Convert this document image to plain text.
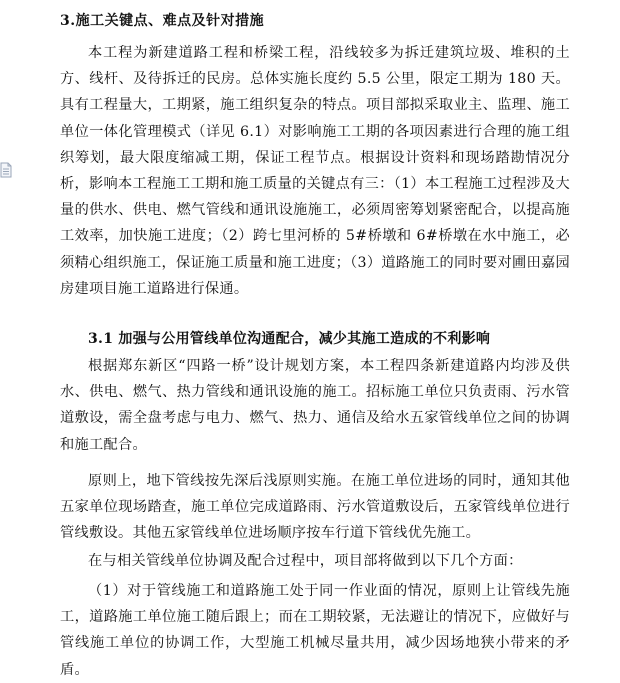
3.施工关键点、难点及针对措施

本工程为新建道路工程和桥梁工程，沿线较多为拆迁建筑垃圾、堆积的土方、线杆、及待拆迁的民房。总体实施长度约 5.5 公里，限定工期为 180 天。具有工程量大，工期紧，施工组织复杂的特点。项目部拟采取业主、监理、施工单位一体化管理模式（详见 6.1）对影响施工工期的各项因素进行合理的施工组织筹划，最大限度缩减工期，保证工程节点。根据设计资料和现场踏勘情况分析，影响本工程施工工期和施工质量的关键点有三：（1）本工程施工过程涉及大量的供水、供电、燃气管线和通讯设施施工，必须周密筹划紧密配合，以提高施工效率，加快施工进度；（2）跨七里河桥的 5#桥墩和 6#桥墩在水中施工，必须精心组织施工，保证施工质量和施工进度；（3）道路施工的同时要对圃田嘉园房建项目施工道路进行保通。

3.1 加强与公用管线单位沟通配合，减少其施工造成的不利影响

根据郑东新区“四路一桥”设计规划方案，本工程四条新建道路内均涉及供水、供电、燃气、热力管线和通讯设施的施工。招标施工单位只负责雨、污水管道敷设，需全盘考虑与电力、燃气、热力、通信及给水五家管线单位之间的协调和施工配合。

原则上，地下管线按先深后浅原则实施。在施工单位进场的同时，通知其他五家单位现场踏查，施工单位完成道路雨、污水管道敷设后，五家管线单位进行管线敷设。其他五家管线单位进场顺序按车行道下管线优先施工。

在与相关管线单位协调及配合过程中，项目部将做到以下几个方面：

（1）对于管线施工和道路施工处于同一作业面的情况，原则上让管线先施工，道路施工单位施工随后跟上；而在工期较紧，无法避让的情况下，应做好与管线施工单位的协调工作，大型施工机械尽量共用，减少因场地狭小带来的矛盾。
